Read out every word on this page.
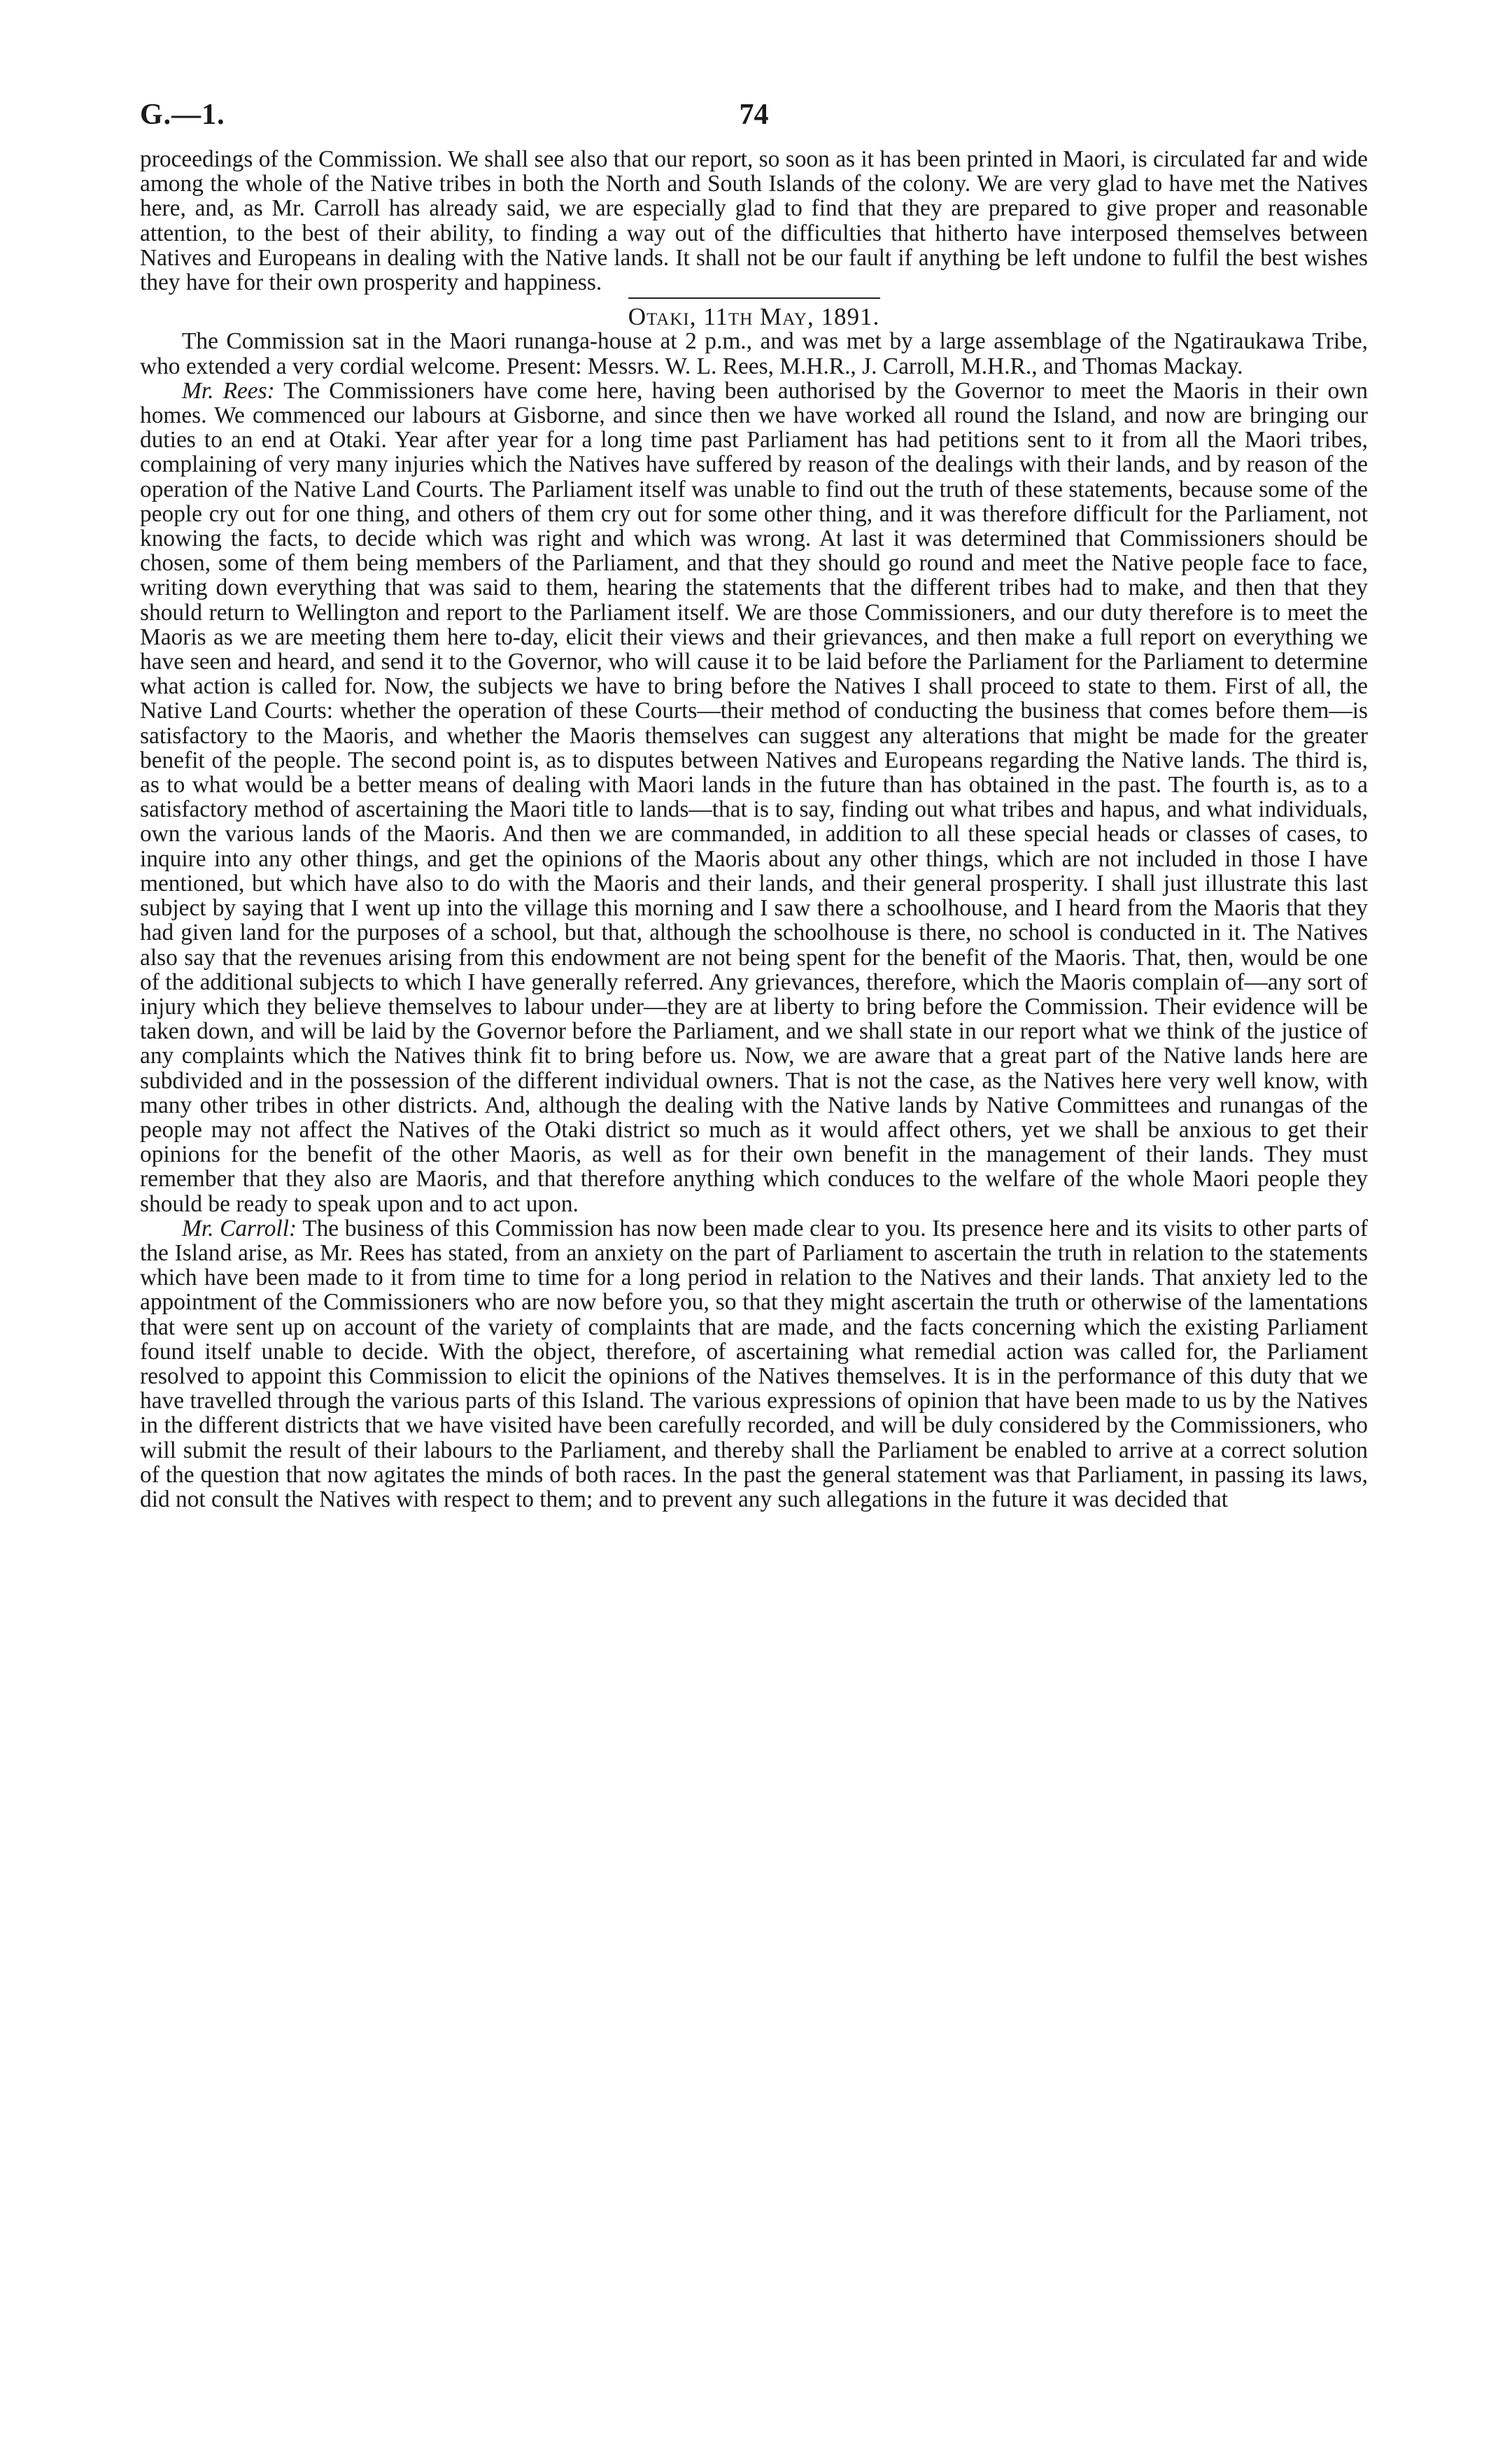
G.—1.	74

proceedings of the Commission. We shall see also that our report, so soon as it has been printed in Maori, is circulated far and wide among the whole of the Native tribes in both the North and South Islands of the colony. We are very glad to have met the Natives here, and, as Mr. Carroll has already said, we are especially glad to find that they are prepared to give proper and reasonable attention, to the best of their ability, to finding a way out of the difficulties that hitherto have interposed themselves between Natives and Europeans in dealing with the Native lands. It shall not be our fault if anything be left undone to fulfil the best wishes they have for their own prosperity and happiness.

Otaki, 11th May, 1891.

The Commission sat in the Maori runanga-house at 2 p.m., and was met by a large assemblage of the Ngatiraukawa Tribe, who extended a very cordial welcome. Present: Messrs. W. L. Rees, M.H.R., J. Carroll, M.H.R., and Thomas Mackay.

Mr. Rees: The Commissioners have come here, having been authorised by the Governor to meet the Maoris in their own homes. We commenced our labours at Gisborne, and since then we have worked all round the Island, and now are bringing our duties to an end at Otaki. Year after year for a long time past Parliament has had petitions sent to it from all the Maori tribes, complaining of very many injuries which the Natives have suffered by reason of the dealings with their lands, and by reason of the operation of the Native Land Courts. The Parliament itself was unable to find out the truth of these statements, because some of the people cry out for one thing, and others of them cry out for some other thing, and it was therefore difficult for the Parliament, not knowing the facts, to decide which was right and which was wrong. At last it was determined that Commissioners should be chosen, some of them being members of the Parliament, and that they should go round and meet the Native people face to face, writing down everything that was said to them, hearing the statements that the different tribes had to make, and then that they should return to Wellington and report to the Parliament itself. We are those Commissioners, and our duty therefore is to meet the Maoris as we are meeting them here to-day, elicit their views and their grievances, and then make a full report on everything we have seen and heard, and send it to the Governor, who will cause it to be laid before the Parliament for the Parliament to determine what action is called for. Now, the subjects we have to bring before the Natives I shall proceed to state to them. First of all, the Native Land Courts: whether the operation of these Courts—their method of conducting the business that comes before them—is satisfactory to the Maoris, and whether the Maoris themselves can suggest any alterations that might be made for the greater benefit of the people. The second point is, as to disputes between Natives and Europeans regarding the Native lands. The third is, as to what would be a better means of dealing with Maori lands in the future than has obtained in the past. The fourth is, as to a satisfactory method of ascertaining the Maori title to lands—that is to say, finding out what tribes and hapus, and what individuals, own the various lands of the Maoris. And then we are commanded, in addition to all these special heads or classes of cases, to inquire into any other things, and get the opinions of the Maoris about any other things, which are not included in those I have mentioned, but which have also to do with the Maoris and their lands, and their general prosperity. I shall just illustrate this last subject by saying that I went up into the village this morning and I saw there a schoolhouse, and I heard from the Maoris that they had given land for the purposes of a school, but that, although the schoolhouse is there, no school is conducted in it. The Natives also say that the revenues arising from this endowment are not being spent for the benefit of the Maoris. That, then, would be one of the additional subjects to which I have generally referred. Any grievances, therefore, which the Maoris complain of—any sort of injury which they believe themselves to labour under—they are at liberty to bring before the Commission. Their evidence will be taken down, and will be laid by the Governor before the Parliament, and we shall state in our report what we think of the justice of any complaints which the Natives think fit to bring before us. Now, we are aware that a great part of the Native lands here are subdivided and in the possession of the different individual owners. That is not the case, as the Natives here very well know, with many other tribes in other districts. And, although the dealing with the Native lands by Native Committees and runangas of the people may not affect the Natives of the Otaki district so much as it would affect others, yet we shall be anxious to get their opinions for the benefit of the other Maoris, as well as for their own benefit in the management of their lands. They must remember that they also are Maoris, and that therefore anything which conduces to the welfare of the whole Maori people they should be ready to speak upon and to act upon.

Mr. Carroll: The business of this Commission has now been made clear to you. Its presence here and its visits to other parts of the Island arise, as Mr. Rees has stated, from an anxiety on the part of Parliament to ascertain the truth in relation to the statements which have been made to it from time to time for a long period in relation to the Natives and their lands. That anxiety led to the appointment of the Commissioners who are now before you, so that they might ascertain the truth or otherwise of the lamentations that were sent up on account of the variety of complaints that are made, and the facts concerning which the existing Parliament found itself unable to decide. With the object, therefore, of ascertaining what remedial action was called for, the Parliament resolved to appoint this Commission to elicit the opinions of the Natives themselves. It is in the performance of this duty that we have travelled through the various parts of this Island. The various expressions of opinion that have been made to us by the Natives in the different districts that we have visited have been carefully recorded, and will be duly considered by the Commissioners, who will submit the result of their labours to the Parliament, and thereby shall the Parliament be enabled to arrive at a correct solution of the question that now agitates the minds of both races. In the past the general statement was that Parliament, in passing its laws, did not consult the Natives with respect to them; and to prevent any such allegations in the future it was decided that
